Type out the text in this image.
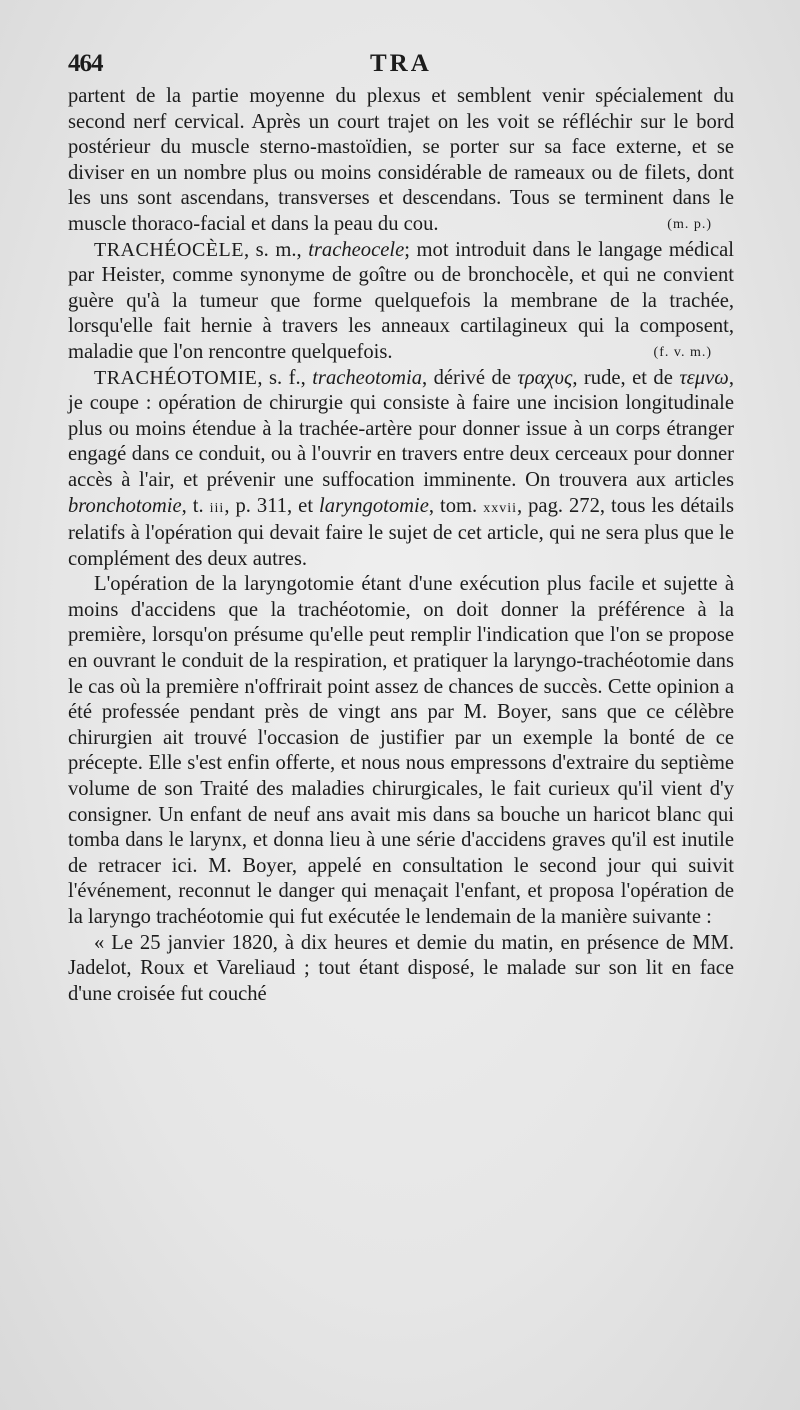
464	TRA

partent de la partie moyenne du plexus et semblent venir spécialement du second nerf cervical. Après un court trajet on les voit se réfléchir sur le bord postérieur du muscle sterno-mastoïdien, se porter sur sa face externe, et se diviser en un nombre plus ou moins considérable de rameaux ou de filets, dont les uns sont ascendans, transverses et descendans. Tous se terminent dans le muscle thoraco-facial et dans la peau du cou.	(m. p.)

TRACHÉOCÈLE, s. m., tracheocele; mot introduit dans le langage médical par Heister, comme synonyme de goître ou de bronchocèle, et qui ne convient guère qu'à la tumeur que forme quelquefois la membrane de la trachée, lorsqu'elle fait hernie à travers les anneaux cartilagineux qui la composent, maladie que l'on rencontre quelquefois.	(f. v. m.)

TRACHÉOTOMIE, s. f., tracheotomia, dérivé de τραχυς, rude, et de τεμνω, je coupe : opération de chirurgie qui consiste à faire une incision longitudinale plus ou moins étendue à la trachée-artère pour donner issue à un corps étranger engagé dans ce conduit, ou à l'ouvrir en travers entre deux cerceaux pour donner accès à l'air, et prévenir une suffocation imminente. On trouvera aux articles bronchotomie, t. iii, p. 311, et laryngotomie, tom. xxvii, pag. 272, tous les détails relatifs à l'opération qui devait faire le sujet de cet article, qui ne sera plus que le complément des deux autres.

L'opération de la laryngotomie étant d'une exécution plus facile et sujette à moins d'accidens que la trachéotomie, on doit donner la préférence à la première, lorsqu'on présume qu'elle peut remplir l'indication que l'on se propose en ouvrant le conduit de la respiration, et pratiquer la laryngo-trachéotomie dans le cas où la première n'offrirait point assez de chances de succès. Cette opinion a été professée pendant près de vingt ans par M. Boyer, sans que ce célèbre chirurgien ait trouvé l'occasion de justifier par un exemple la bonté de ce précepte. Elle s'est enfin offerte, et nous nous empressons d'extraire du septième volume de son Traité des maladies chirurgicales, le fait curieux qu'il vient d'y consigner. Un enfant de neuf ans avait mis dans sa bouche un haricot blanc qui tomba dans le larynx, et donna lieu à une série d'accidens graves qu'il est inutile de retracer ici. M. Boyer, appelé en consultation le second jour qui suivit l'événement, reconnut le danger qui menaçait l'enfant, et proposa l'opération de la laryngo trachéotomie qui fut exécutée le lendemain de la manière suivante :

« Le 25 janvier 1820, à dix heures et demie du matin, en présence de MM. Jadelot, Roux et Vareliaud ; tout étant disposé, le malade sur son lit en face d'une croisée fut couché
